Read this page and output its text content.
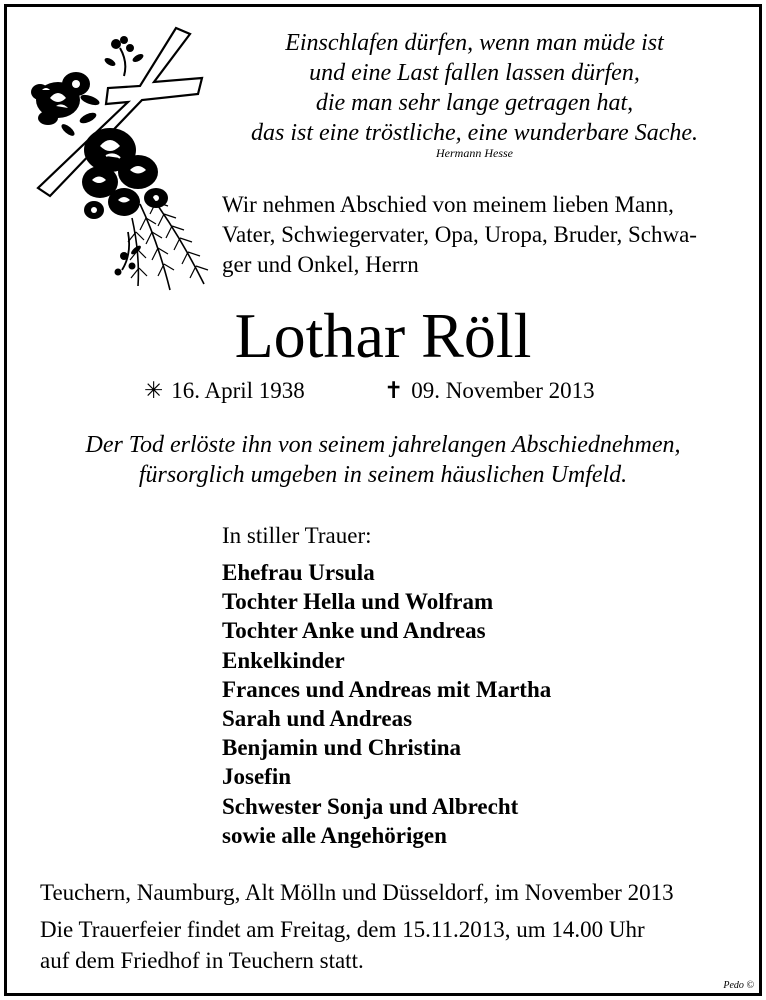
Einschlafen dürfen, wenn man müde ist
und eine Last fallen lassen dürfen,
die man sehr lange getragen hat,
das ist eine tröstliche, eine wunderbare Sache.
Hermann Hesse
Wir nehmen Abschied von meinem lieben Mann,
Vater, Schwiegervater, Opa, Uropa, Bruder, Schwa-
ger und Onkel, Herrn
Lothar Röll
✳ 16. April 1938	✝ 09. November 2013
Der Tod erlöste ihn von seinem jahrelangen Abschiednehmen,
fürsorglich umgeben in seinem häuslichen Umfeld.
In stiller Trauer:
Ehefrau Ursula
Tochter Hella und Wolfram
Tochter Anke und Andreas
Enkelkinder
Frances und Andreas mit Martha
Sarah und Andreas
Benjamin und Christina
Josefin
Schwester Sonja und Albrecht
sowie alle Angehörigen
Teuchern, Naumburg, Alt Mölln und Düsseldorf, im November 2013
Die Trauerfeier findet am Freitag, dem 15.11.2013, um 14.00 Uhr
auf dem Friedhof in Teuchern statt.
Pedo ©
